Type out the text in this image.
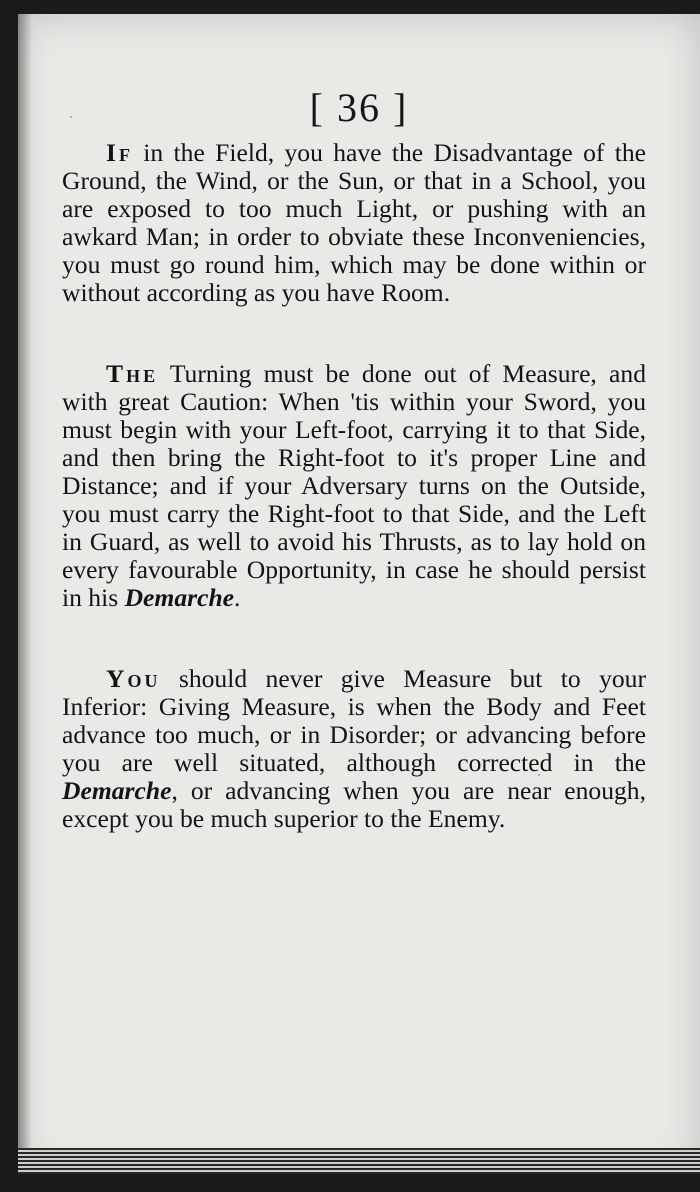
[ 36 ]

If in the Field, you have the Disadvantage of the Ground, the Wind, or the Sun, or that in a School, you are exposed to too much Light, or pushing with an awkard Man; in order to obviate these Inconveniencies, you must go round him, which may be done within or without according as you have Room.

The Turning must be done out of Measure, and with great Caution: When 'tis within your Sword, you must begin with your Left-foot, carrying it to that Side, and then bring the Right-foot to it's proper Line and Distance; and if your Adversary turns on the Outside, you must carry the Right-foot to that Side, and the Left in Guard, as well to avoid his Thrusts, as to lay hold on every favourable Opportunity, in case he should persist in his Demarche.

You should never give Measure but to your Inferior: Giving Measure, is when the Body and Feet advance too much, or in Disorder; or advancing before you are well situated, although corrected in the Demarche, or advancing when you are near enough, except you be much superior to the Enemy.
